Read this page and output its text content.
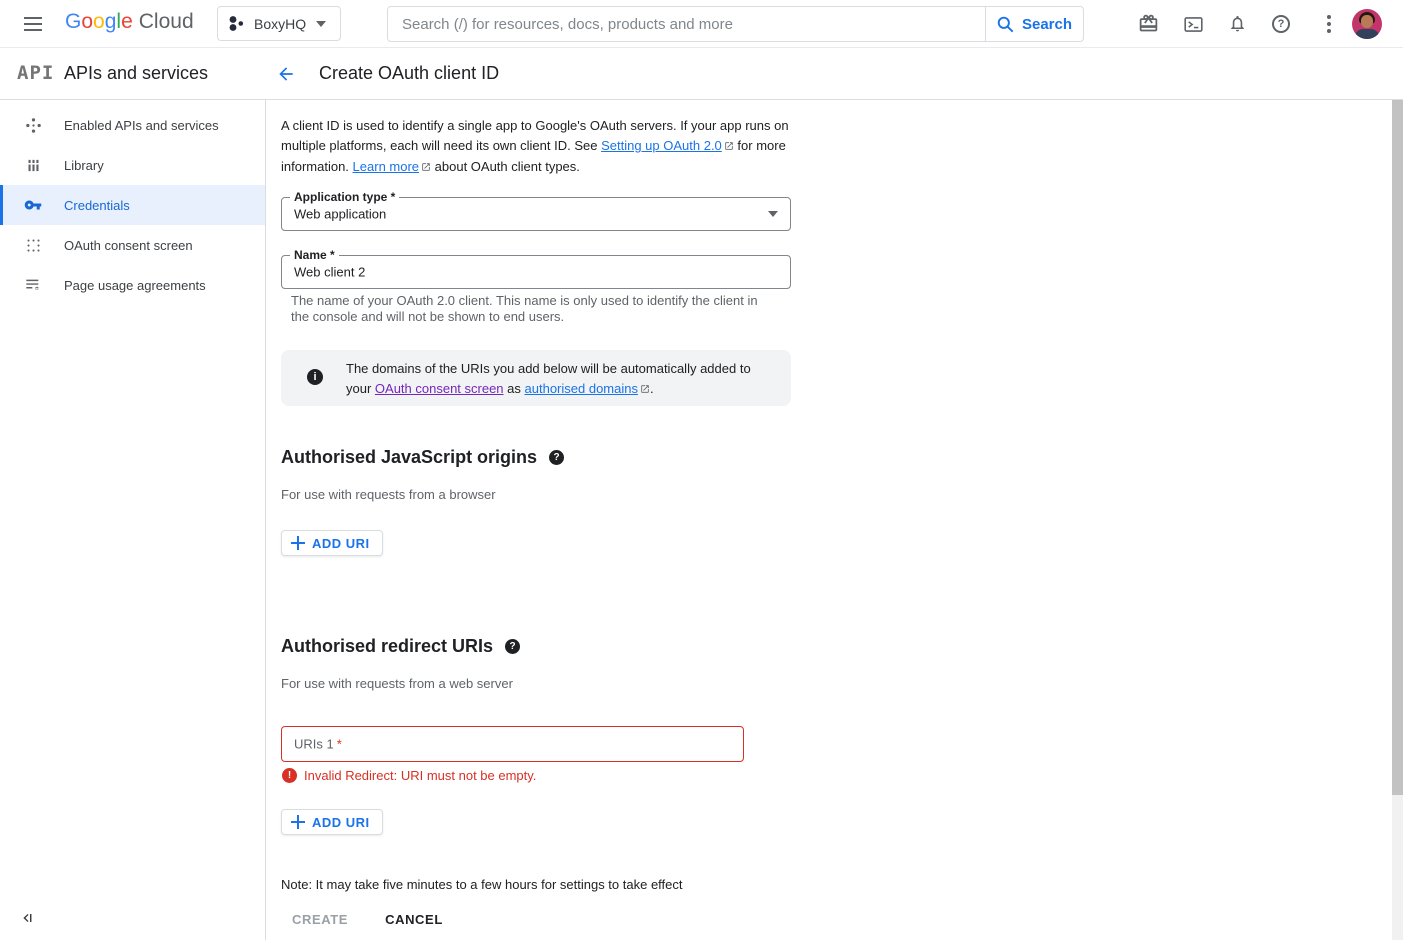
G o o g l e Cloud	BoxyHQ
Search (/) for resources, docs, products and more	Search	?
API APIs and services	Create OAuth client ID
Enabled APIs and services
Library
Credentials
OAuth consent screen
Page usage agreements

A client ID is used to identify a single app to Google's OAuth servers. If your app runs on multiple platforms, each will need its own client ID. See Setting up OAuth 2.0 for more information. Learn more about OAuth client types.

Application type *
Web application
Name *
Web client 2

The name of your OAuth 2.0 client. This name is only used to identify the client in the console and will not be shown to end users.

i

The domains of the URIs you add below will be automatically added to your OAuth consent screen as authorised domains .

Authorised JavaScript origins	?

For use with requests from a browser

ADD URI
Authorised redirect URIs	?

For use with requests from a web server

URIs 1 *
! Invalid Redirect: URI must not be empty.
ADD URI

Note: It may take five minutes to a few hours for settings to take effect

CREATE	CANCEL
